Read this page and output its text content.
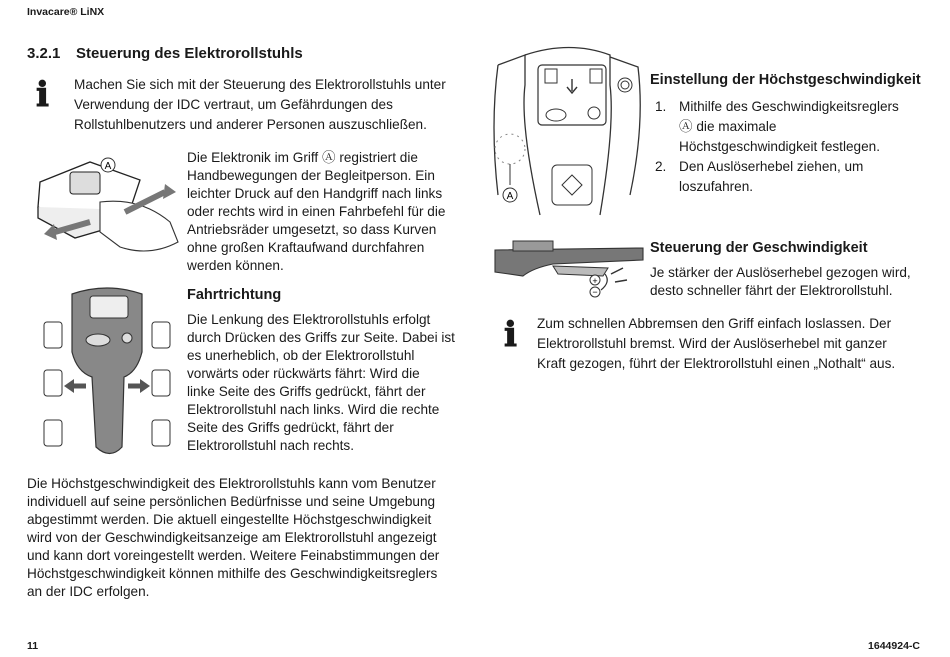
Invacare® LiNX
11	1644924-C
3.2.1 Steuerung des Elektrorollstuhls
ℹ Machen Sie sich mit der Steuerung des Elektrorollstuhls unter
Verwendung der IDC vertraut, um Gefährdungen des
Rollstuhlbenutzers und anderer Personen auszuschließen.
A
Die Elektronik im Griff Ⓐ registriert die
Handbewegungen der Begleitperson. Ein
leichter Druck auf den Handgriff nach links
oder rechts wird in einen Fahrbefehl für die
Antriebsräder umgesetzt, so dass Kurven
ohne großen Kraftaufwand durchfahren
werden können.
Fahrtrichtung
Die Lenkung des Elektrorollstuhls erfolgt
durch Drücken des Griffs zur Seite. Dabei ist
es unerheblich, ob der Elektrorollstuhl
vorwärts oder rückwärts fährt: Wird die
linke Seite des Griffs gedrückt, fährt der
Elektrorollstuhl nach links. Wird die rechte
Seite des Griffs gedrückt, fährt der
Elektrorollstuhl nach rechts.
Die Höchstgeschwindigkeit des Elektrorollstuhls kann vom Benutzer
individuell auf seine persönlichen Bedürfnisse und seine Umgebung
abgestimmt werden. Die aktuell eingestellte Höchstgeschwindigkeit
wird von der Geschwindigkeitsanzeige am Elektrorollstuhl angezeigt
und kann dort voreingestellt werden. Weitere Feinabstimmungen der
Höchstgeschwindigkeit können mithilfe des Geschwindigkeitsreglers
an der IDC erfolgen.
A
Einstellung der Höchstgeschwindigkeit
1. Mithilfe des Geschwindigkeitsreglers
Ⓐ die maximale
Höchstgeschwindigkeit festlegen.
2. Den Auslöserhebel ziehen, um
loszufahren.
+
−
Steuerung der Geschwindigkeit
Je stärker der Auslöserhebel gezogen wird,
desto schneller fährt der Elektrorollstuhl.
ℹ Zum schnellen Abbremsen den Griff einfach loslassen. Der
Elektrorollstuhl bremst. Wird der Auslöserhebel mit ganzer
Kraft gezogen, führt der Elektrorollstuhl einen „Nothalt“ aus.
